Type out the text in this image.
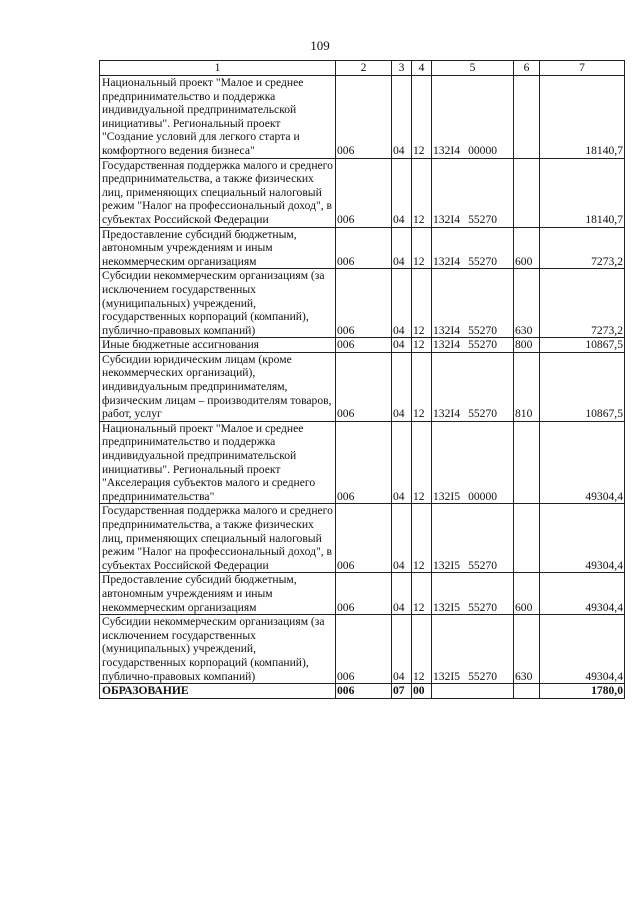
109
1	2	3	4	5	6	7
Национальный проект "Малое и среднее предпринимательство и поддержка индивидуальной предпринимательской инициативы". Региональный проект "Создание условий для легкого старта и комфортного ведения бизнеса"	006	04	12	132I4 00000		18140,7
Государственная поддержка малого и среднего предпринимательства, а также физических лиц, применяющих специальный налоговый режим "Налог на профессиональный доход", в субъектах Российской Федерации	006	04	12	132I4 55270		18140,7
Предоставление субсидий бюджетным, автономным учреждениям и иным некоммерческим организациям	006	04	12	132I4 55270	600	7273,2
Субсидии некоммерческим организациям (за исключением государственных (муниципальных) учреждений, государственных корпораций (компаний), публично-правовых компаний)	006	04	12	132I4 55270	630	7273,2
Иные бюджетные ассигнования	006	04	12	132I4 55270	800	10867,5
Субсидии юридическим лицам (кроме некоммерческих организаций), индивидуальным предпринимателям, физическим лицам – производителям товаров, работ, услуг	006	04	12	132I4 55270	810	10867,5
Национальный проект "Малое и среднее предпринимательство и поддержка индивидуальной предпринимательской инициативы". Региональный проект "Акселерация субъектов малого и среднего предпринимательства"	006	04	12	132I5 00000		49304,4
Государственная поддержка малого и среднего предпринимательства, а также физических лиц, применяющих специальный налоговый режим "Налог на профессиональный доход", в субъектах Российской Федерации	006	04	12	132I5 55270		49304,4
Предоставление субсидий бюджетным, автономным учреждениям и иным некоммерческим организациям	006	04	12	132I5 55270	600	49304,4
Субсидии некоммерческим организациям (за исключением государственных (муниципальных) учреждений, государственных корпораций (компаний), публично-правовых компаний)	006	04	12	132I5 55270	630	49304,4
ОБРАЗОВАНИЕ	006	07	00			1780,0
